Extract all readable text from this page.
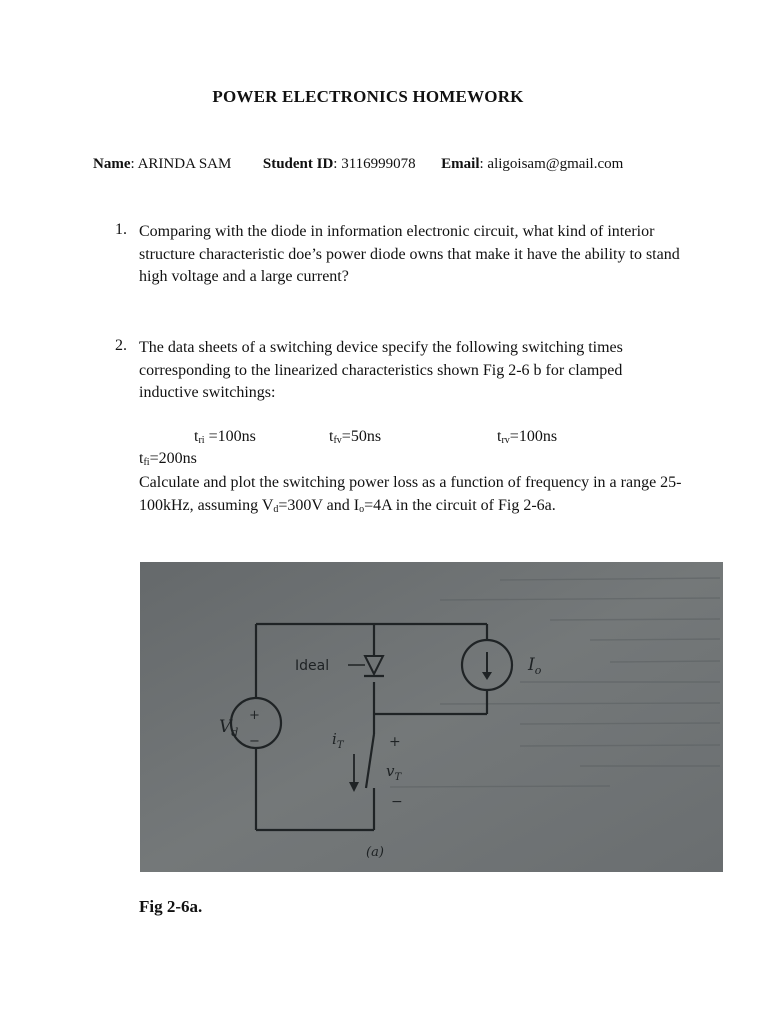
POWER ELECTRONICS HOMEWORK
Name: ARINDA SAM Student ID: 3116999078 Email: aligoisam@gmail.com
1. Comparing with the diode in information electronic circuit, what kind of interior structure characteristic doe’s power diode owns that make it have the ability to stand high voltage and a large current?
2. The data sheets of a switching device specify the following switching times corresponding to the linearized characteristics shown Fig 2-6 b for clamped inductive switchings:
$t_{ri} =100ns$	$t_{fv}=50ns$	$t_{rv}=100ns$
$t_{fi}=200ns$
Calculate and plot the switching power loss as a function of frequency in a range 25-100kHz, assuming $V_d=300V$ and $I_o=4A$ in the circuit of Fig 2-6a.
Ideal
$V_d$
+
−
$I_o$
$i_T$	+
$v_T$
−
(a)
Fig 2-6a.
